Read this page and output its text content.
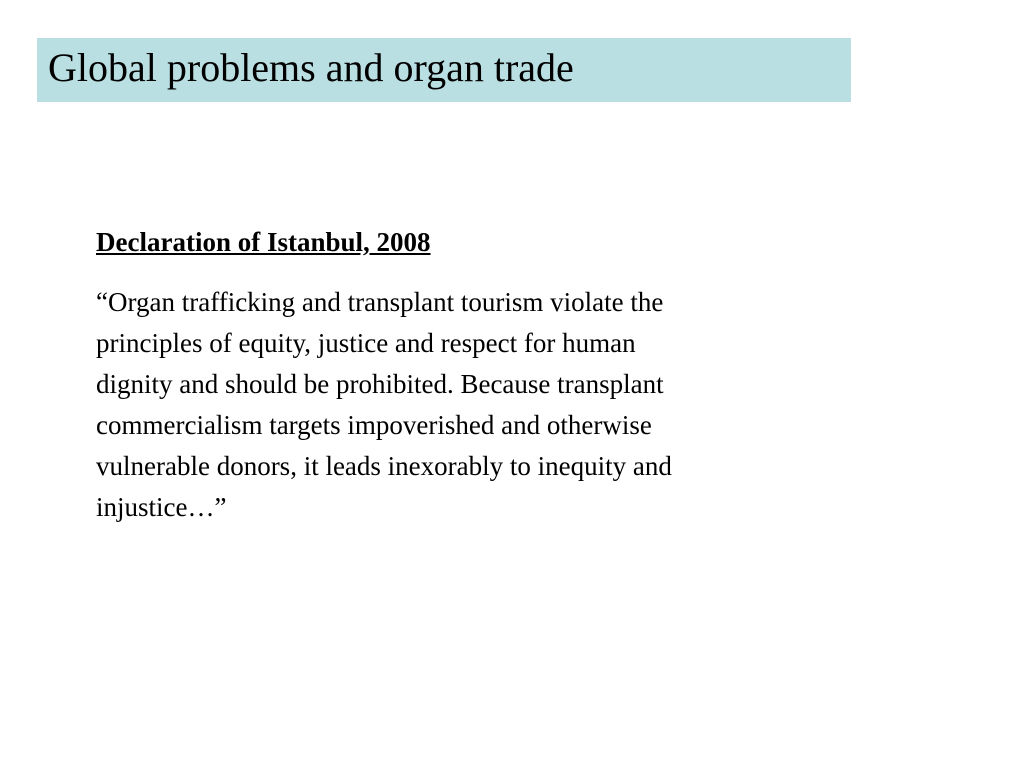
Global problems and organ trade

Declaration of Istanbul, 2008

“Organ trafficking and transplant tourism violate the
principles of equity, justice and respect for human
dignity and should be prohibited. Because transplant
commercialism targets impoverished and otherwise
vulnerable donors, it leads inexorably to inequity and
injustice…”
